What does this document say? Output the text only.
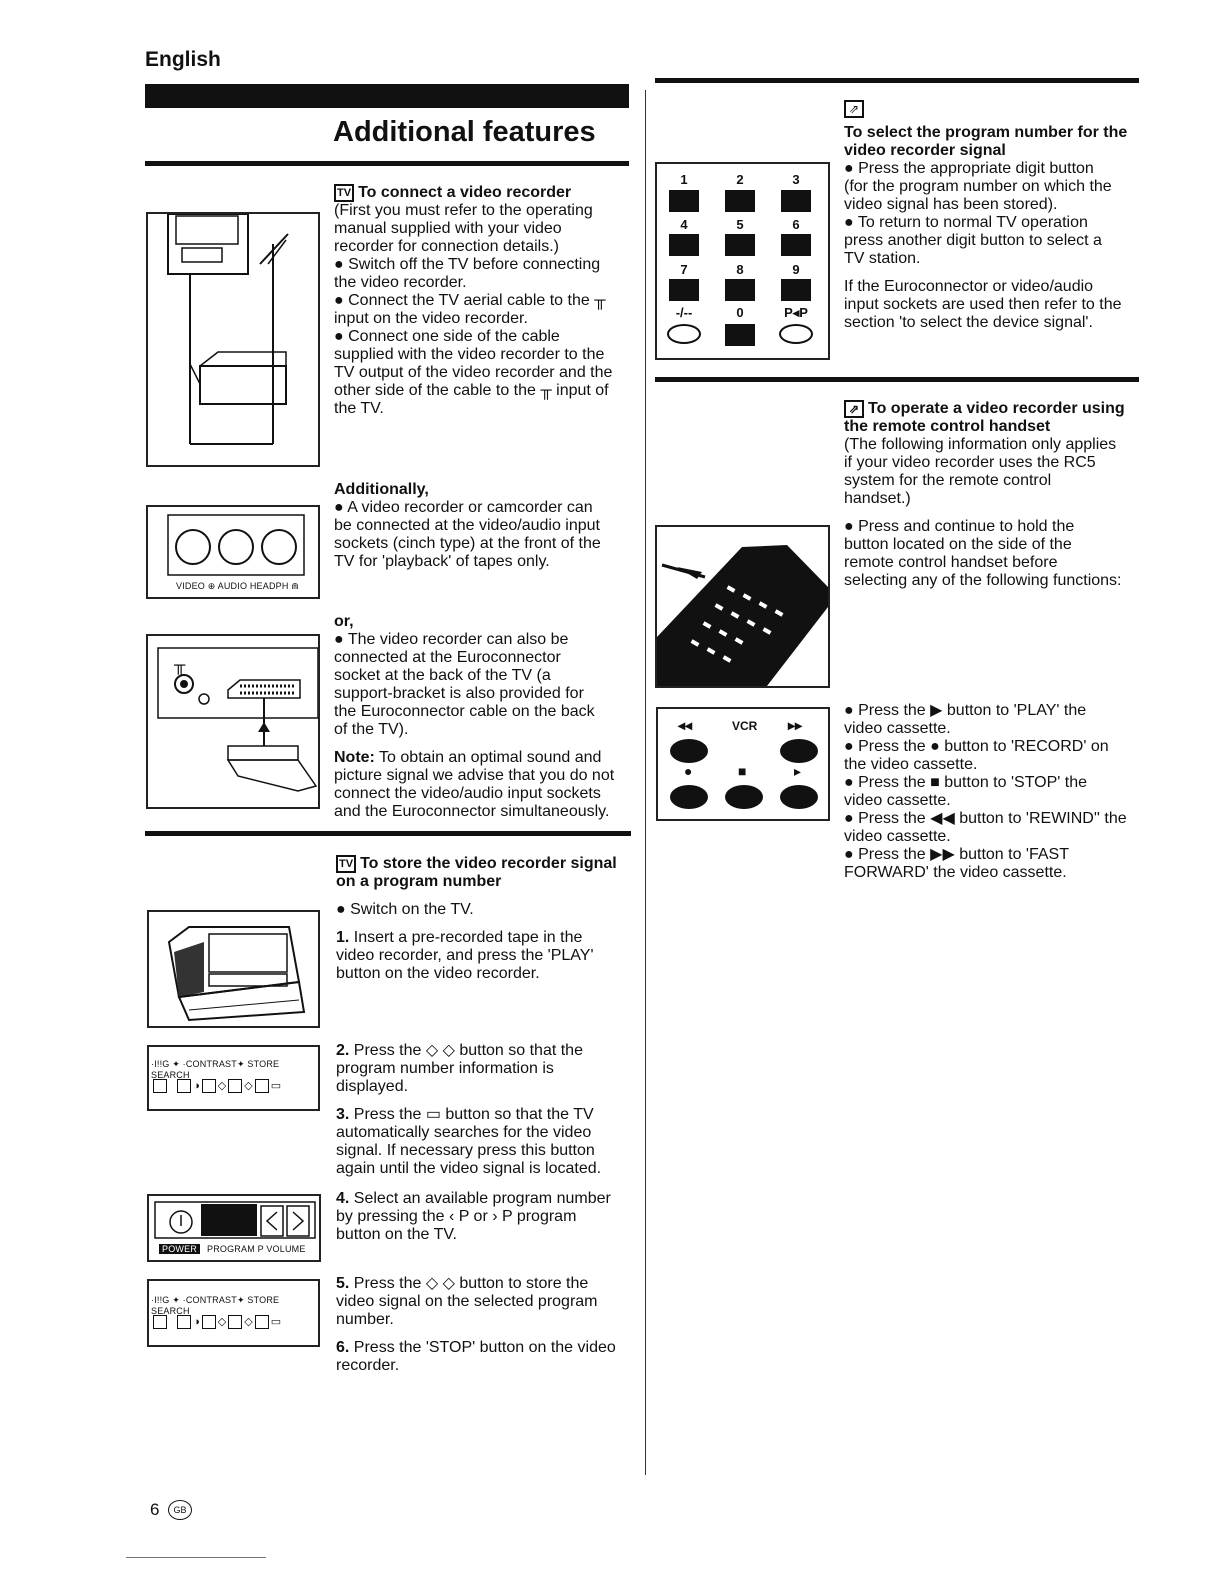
English
Additional features

TV To connect a video recorder

(First you must refer to the operating

manual supplied with your video

recorder for connection details.)

● Switch off the TV before connecting

the video recorder.

● Connect the TV aerial cable to the ╥

input on the video recorder.

● Connect one side of the cable

supplied with the video recorder to the

TV output of the video recorder and the

other side of the cable to the ╥ input of

the TV.

VIDEO ⊕ AUDIO HEADPH ⋒

Additionally,

● A video recorder or camcorder can

be connected at the video/audio input

sockets (cinch type) at the front of the

TV for 'playback' of tapes only.

╥

or,

● The video recorder can also be

connected at the Euroconnector

socket at the back of the TV (a

support-bracket is also provided for

the Euroconnector cable on the back

of the TV).

Note: To obtain an optimal sound and

picture signal we advise that you do not

connect the video/audio input sockets

and the Euroconnector simultaneously.

TV To store the video recorder signal

on a program number

● Switch on the TV.

1. Insert a pre-recorded tape in the

video recorder, and press the 'PLAY'

button on the video recorder.

2. Press the ◇ ◇ button so that the

program number information is

displayed.

3. Press the ▭ button so that the TV

automatically searches for the video

signal. If necessary press this button

again until the video signal is located.

4. Select an available program number

by pressing the ‹ P or › P program

button on the TV.

5. Press the ◇ ◇ button to store the

video signal on the selected program

number.

6. Press the 'STOP' button on the video

recorder.

·I!!G ✦ ·CONTRAST✦ STORE SEARCH
◑ ◇ ◇ ▭
POWER	PROGRAM P VOLUME
·I!!G ✦ ·CONTRAST✦ STORE SEARCH
◑ ◇ ◇ ▭
1	2	3
4	5	6
7	8	9
-/--	0	P◂P
⇗

To select the program number for the

video recorder signal

● Press the appropriate digit button

(for the program number on which the

video signal has been stored).

● To return to normal TV operation

press another digit button to select a

TV station.

If the Euroconnector or video/audio

input sockets are used then refer to the

section 'to select the device signal'.

⇗ To operate a video recorder using

the remote control handset

(The following information only applies

if your video recorder uses the RC5

system for the remote control

handset.)

● Press and continue to hold the

button located on the side of the

remote control handset before

selecting any of the following functions:

◂◂	VCR ▸▸
●	■	▸

● Press the ▶ button to 'PLAY' the

video cassette.

● Press the ● button to 'RECORD' on

the video cassette.

● Press the ■ button to 'STOP' the

video cassette.

● Press the ◀◀ button to 'REWIND'' the

video cassette.

● Press the ▶▶ button to 'FAST

FORWARD' the video cassette.

6	GB
